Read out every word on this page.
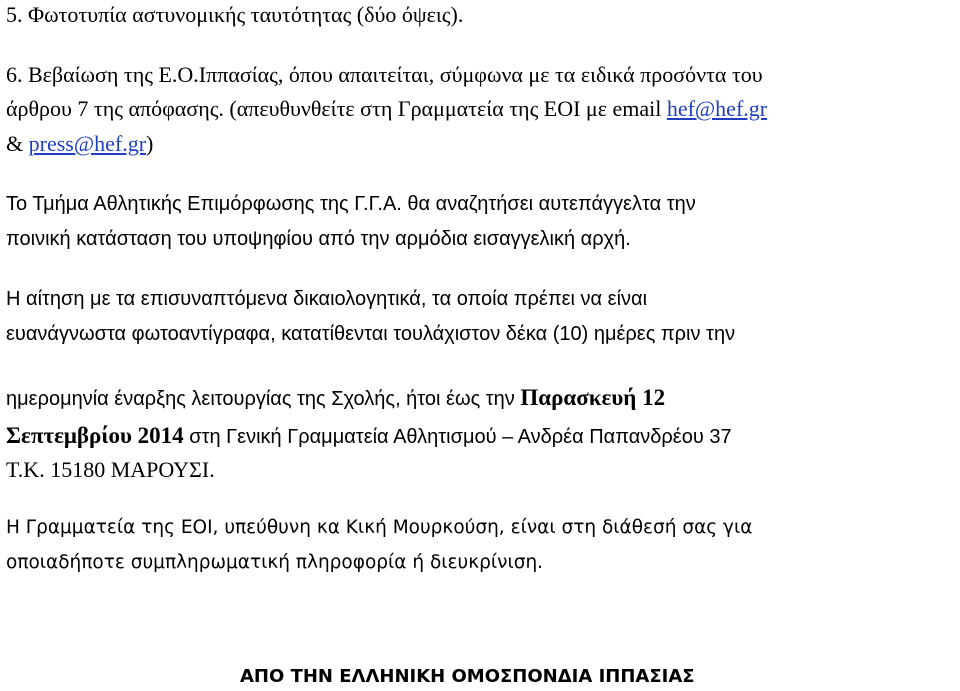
5. Φωτοτυπία αστυνομικής ταυτότητας (δύο όψεις).
6. Βεβαίωση της Ε.Ο.Ιππασίας, όπου απαιτείται, σύμφωνα με τα ειδικά προσόντα του
άρθρου 7 της απόφασης. (απευθυνθείτε στη Γραμματεία της ΕΟΙ με email hef@hef.gr
& press@hef.gr)
Το Τμήμα Αθλητικής Επιμόρφωσης της Γ.Γ.Α. θα αναζητήσει αυτεπάγγελτα την
ποινική κατάσταση του υποψηφίου από την αρμόδια εισαγγελική αρχή.
Η αίτηση με τα επισυναπτόμενα δικαιολογητικά, τα οποία πρέπει να είναι
ευανάγνωστα φωτοαντίγραφα, κατατίθενται τουλάχιστον δέκα (10) ημέρες πριν την
ημερομηνία έναρξης λειτουργίας της Σχολής, ήτοι έως την Παρασκευή 12
Σεπτεμβρίου 2014 στη Γενική Γραμματεία Αθλητισμού – Ανδρέα Παπανδρέου 37
Τ.Κ. 15180 ΜΑΡΟΥΣΙ.
Η Γραμματεία της ΕΟΙ, υπεύθυνη κα Κική Μουρκούση, είναι στη διάθεσή σας για
οποιαδήποτε συμπληρωματική πληροφορία ή διευκρίνιση.
ΑΠΟ ΤΗΝ ΕΛΛΗΝΙΚΗ ΟΜΟΣΠΟΝΔΙΑ ΙΠΠΑΣΙΑΣ
